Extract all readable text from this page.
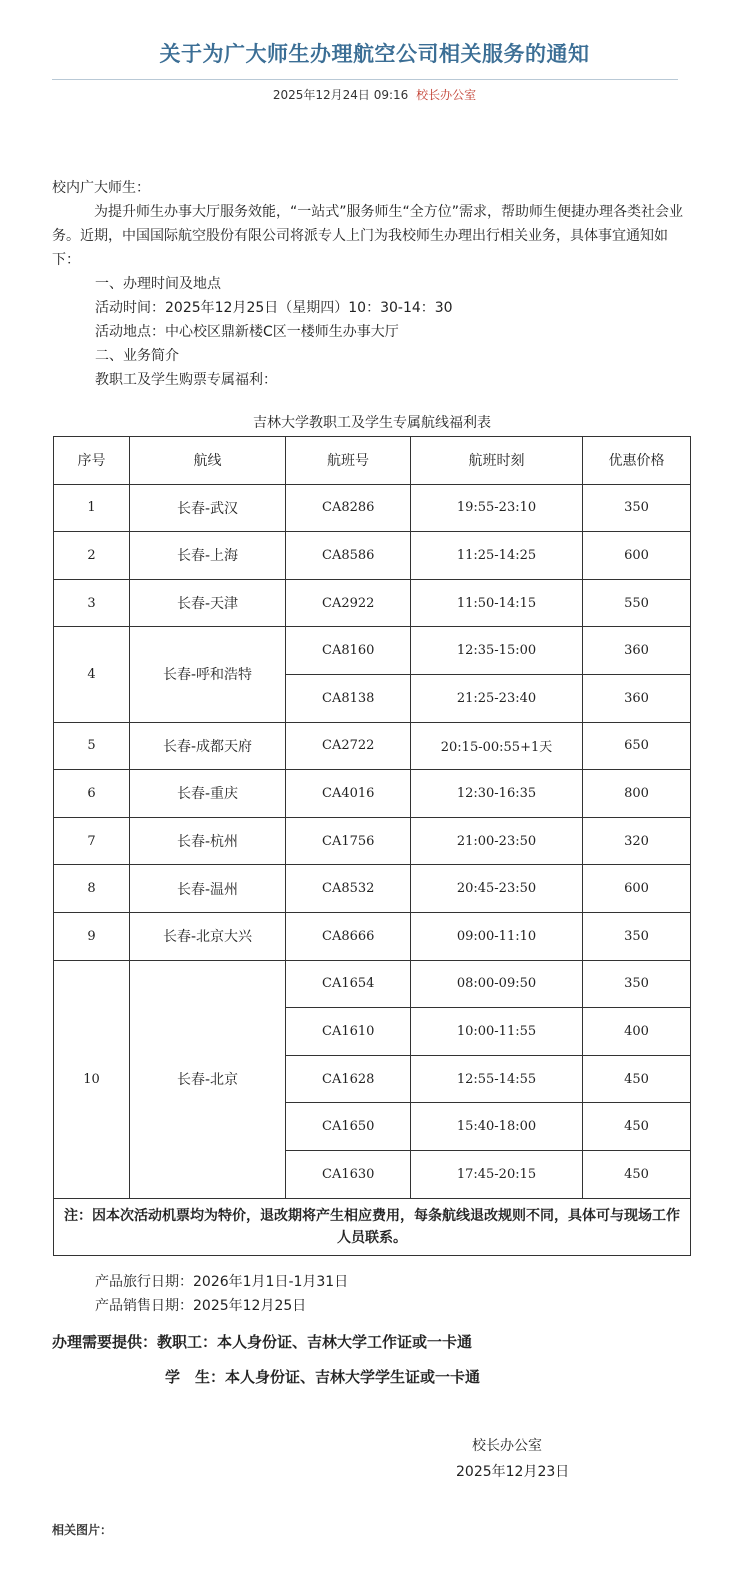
关于为广大师生办理航空公司相关服务的通知
2025年12月24日 09:16 校长办公室
校内广大师生：
为提升师生办事大厅服务效能，“一站式”服务师生“全方位”需求，帮助师生便捷办理各类社会业务。近期，中国国际航空股份有限公司将派专人上门为我校师生办理出行相关业务，具体事宜通知如下：
一、办理时间及地点
活动时间：2025年12月25日（星期四）10：30-14：30
活动地点：中心校区鼎新楼C区一楼师生办事大厅
二、业务简介
教职工及学生购票专属福利：
吉林大学教职工及学生专属航线福利表
序号	航线	航班号	航班时刻	优惠价格
1	长春-武汉	CA8286	19:55-23:10	350
2	长春-上海	CA8586	11:25-14:25	600
3	长春-天津	CA2922	11:50-14:15	550
4	长春-呼和浩特	CA8160	12:35-15:00	360
		CA8138	21:25-23:40	360
5	长春-成都天府	CA2722	20:15-00:55+1天	650
6	长春-重庆	CA4016	12:30-16:35	800
7	长春-杭州	CA1756	21:00-23:50	320
8	长春-温州	CA8532	20:45-23:50	600
9	长春-北京大兴	CA8666	09:00-11:10	350
10	长春-北京	CA1654	08:00-09:50	350
		CA1610	10:00-11:55	400
		CA1628	12:55-14:55	450
		CA1650	15:40-18:00	450
		CA1630	17:45-20:15	450
注：因本次活动机票均为特价，退改期将产生相应费用，每条航线退改规则不同，具体可与现场工作人员联系。				
产品旅行日期：2026年1月1日-1月31日
产品销售日期：2025年12月25日
办理需要提供：教职工：本人身份证、吉林大学工作证或一卡通
学　生：本人身份证、吉林大学学生证或一卡通
校长办公室
2025年12月23日
相关图片：
